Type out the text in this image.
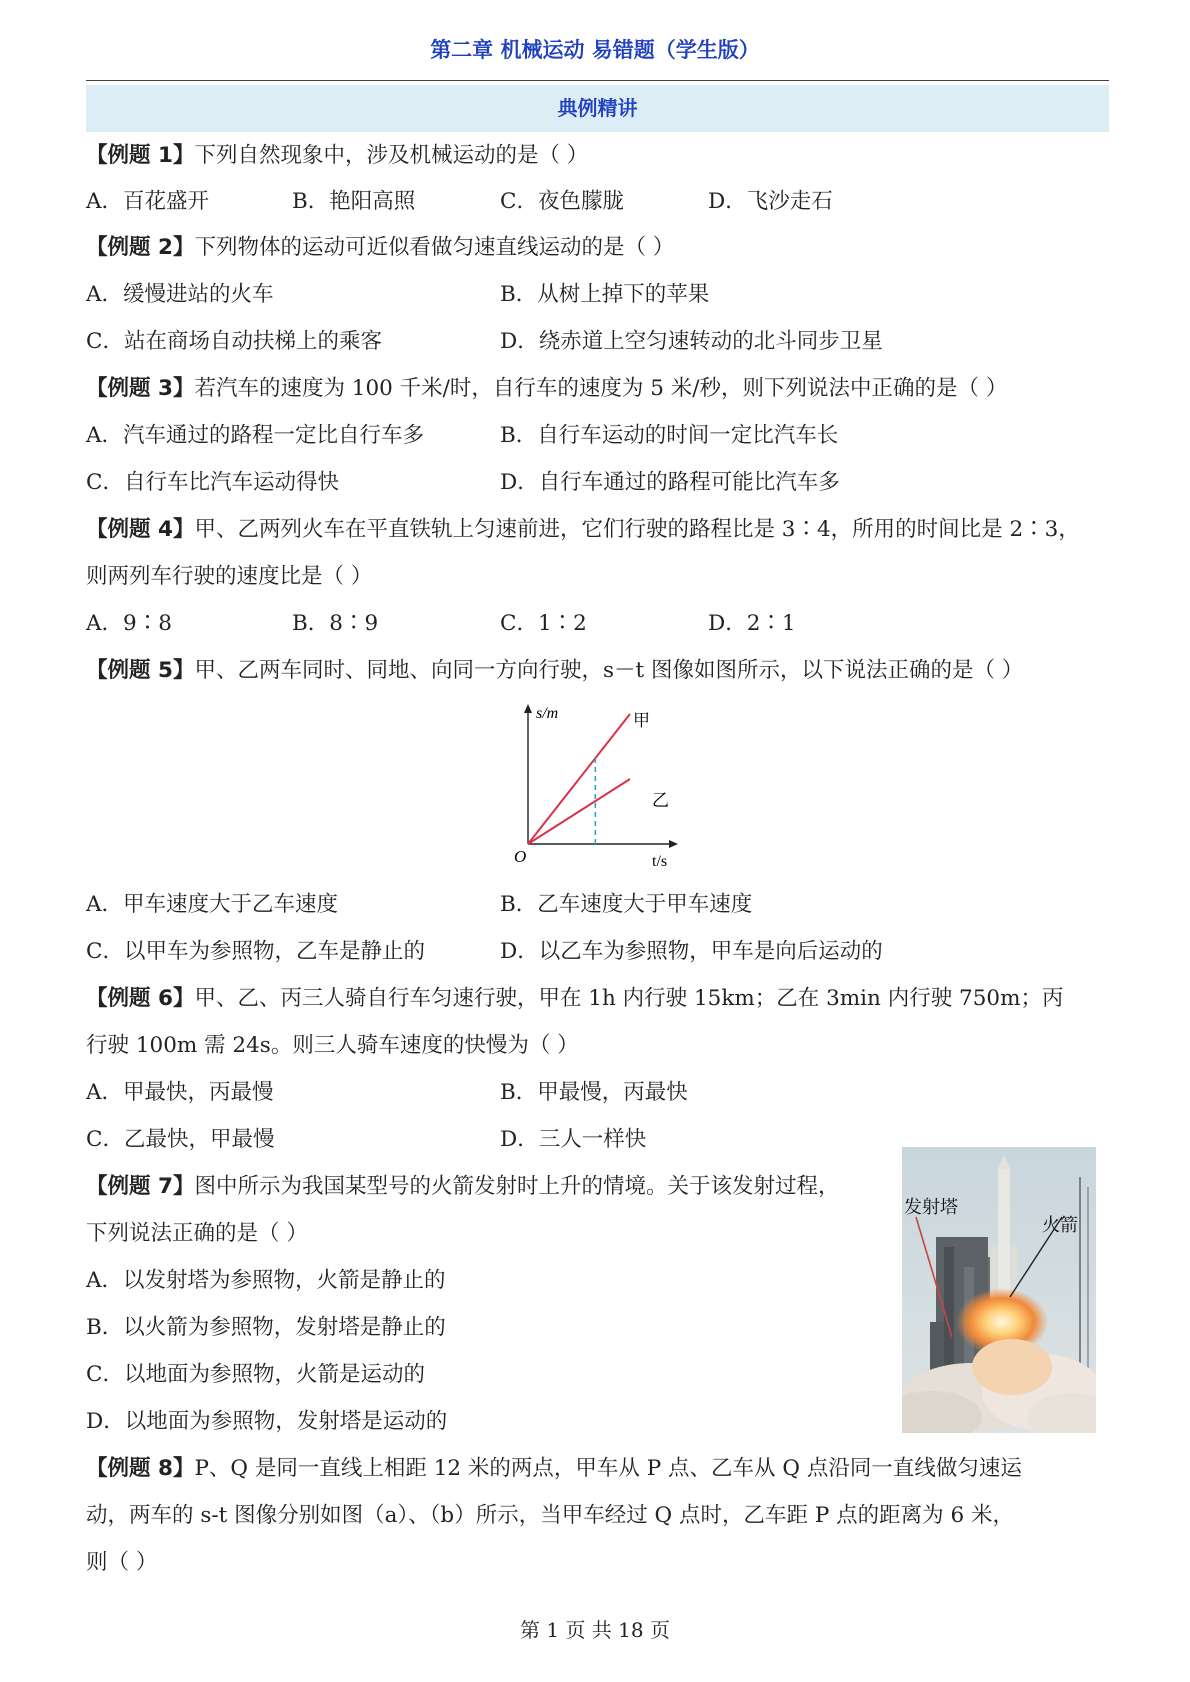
第二章 机械运动 易错题（学生版）
典例精讲
【例题 1】下列自然现象中，涉及机械运动的是（ ）
A．百花盛开	B．艳阳高照	C．夜色朦胧	D．飞沙走石
【例题 2】下列物体的运动可近似看做匀速直线运动的是（ ）
A．缓慢进站的火车	B．从树上掉下的苹果
C．站在商场自动扶梯上的乘客	D．绕赤道上空匀速转动的北斗同步卫星
【例题 3】若汽车的速度为 100 千米/时，自行车的速度为 5 米/秒，则下列说法中正确的是（ ）
A．汽车通过的路程一定比自行车多	B．自行车运动的时间一定比汽车长
C．自行车比汽车运动得快	D．自行车通过的路程可能比汽车多
【例题 4】甲、乙两列火车在平直铁轨上匀速前进，它们行驶的路程比是 3∶4，所用的时间比是 2∶3，
则两列车行驶的速度比是（ ）
A．9∶8	B．8∶9	C．1∶2	D．2∶1
【例题 5】甲、乙两车同时、同地、向同一方向行驶，s－t 图像如图所示，以下说法正确的是（ ）
s/m
O	t/s
甲
乙
A．甲车速度大于乙车速度	B．乙车速度大于甲车速度
C．以甲车为参照物，乙车是静止的	D．以乙车为参照物，甲车是向后运动的
【例题 6】甲、乙、丙三人骑自行车匀速行驶，甲在 1h 内行驶 15km；乙在 3min 内行驶 750m；丙
行驶 100m 需 24s。则三人骑车速度的快慢为（ ）
A．甲最快，丙最慢	B．甲最慢，丙最快
C．乙最快，甲最慢	D．三人一样快
【例题 7】图中所示为我国某型号的火箭发射时上升的情境。关于该发射过程，
下列说法正确的是（ ）
A．以发射塔为参照物，火箭是静止的
B．以火箭为参照物，发射塔是静止的
C．以地面为参照物，火箭是运动的
D．以地面为参照物，发射塔是运动的
发射塔
火箭
【例题 8】P、Q 是同一直线上相距 12 米的两点，甲车从 P 点、乙车从 Q 点沿同一直线做匀速运
动，两车的 s-t 图像分别如图（a）、（b）所示，当甲车经过 Q 点时，乙车距 P 点的距离为 6 米，
则（ ）
第 1 页 共 18 页
